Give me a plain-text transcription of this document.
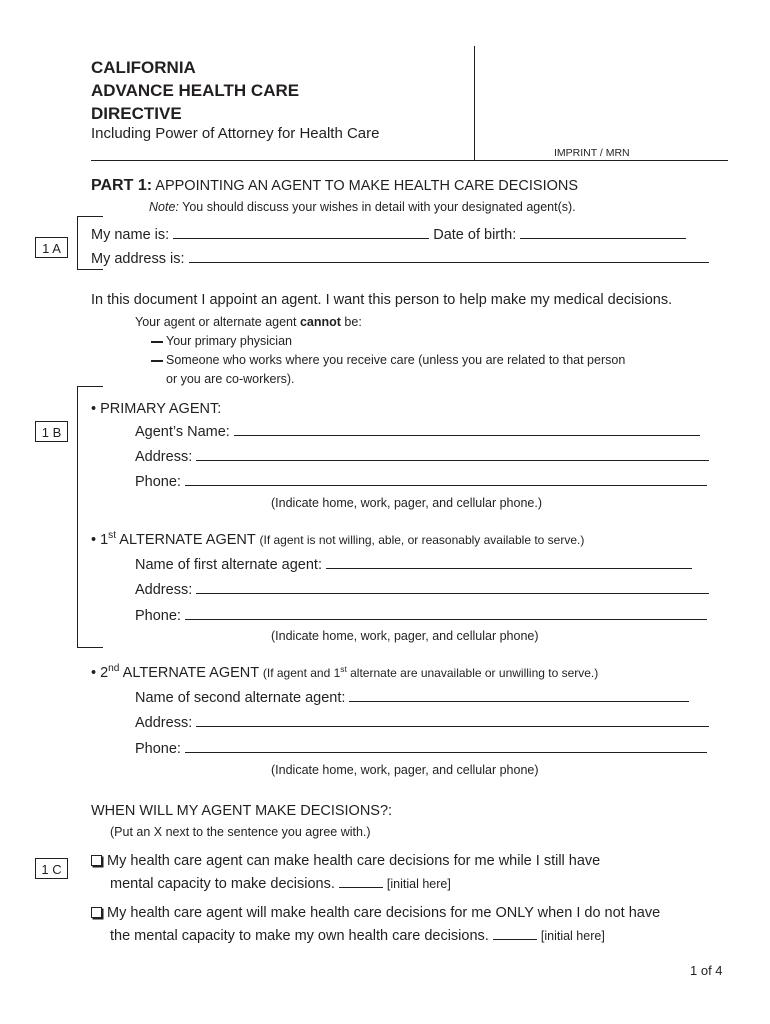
CALIFORNIA
ADVANCE HEALTH CARE
DIRECTIVE
Including Power of Attorney for Health Care
IMPRINT / MRN
PART 1: APPOINTING AN AGENT TO MAKE HEALTH CARE DECISIONS
Note: You should discuss your wishes in detail with your designated agent(s).
1 A
My name is:	Date of birth:
My address is:
In this document I appoint an agent. I want this person to help make my medical decisions.
Your agent or alternate agent cannot be:
Your primary physician
Someone who works where you receive care (unless you are related to that person
or you are co-workers).
1 B
• PRIMARY AGENT:
Agent’s Name:
Address:
Phone:
(Indicate home, work, pager, and cellular phone.)
• 1st ALTERNATE AGENT (If agent is not willing, able, or reasonably available to serve.)
Name of first alternate agent:
Address:
Phone:
(Indicate home, work, pager, and cellular phone)
• 2nd ALTERNATE AGENT (If agent and 1st alternate are unavailable or unwilling to serve.)
Name of second alternate agent:
Address:
Phone:
(Indicate home, work, pager, and cellular phone)
WHEN WILL MY AGENT MAKE DECISIONS?:
(Put an X next to the sentence you agree with.)
1 C
My health care agent can make health care decisions for me while I still have
mental capacity to make decisions.	[initial here]
My health care agent will make health care decisions for me ONLY when I do not have
the mental capacity to make my own health care decisions.	[initial here]
1 of 4
